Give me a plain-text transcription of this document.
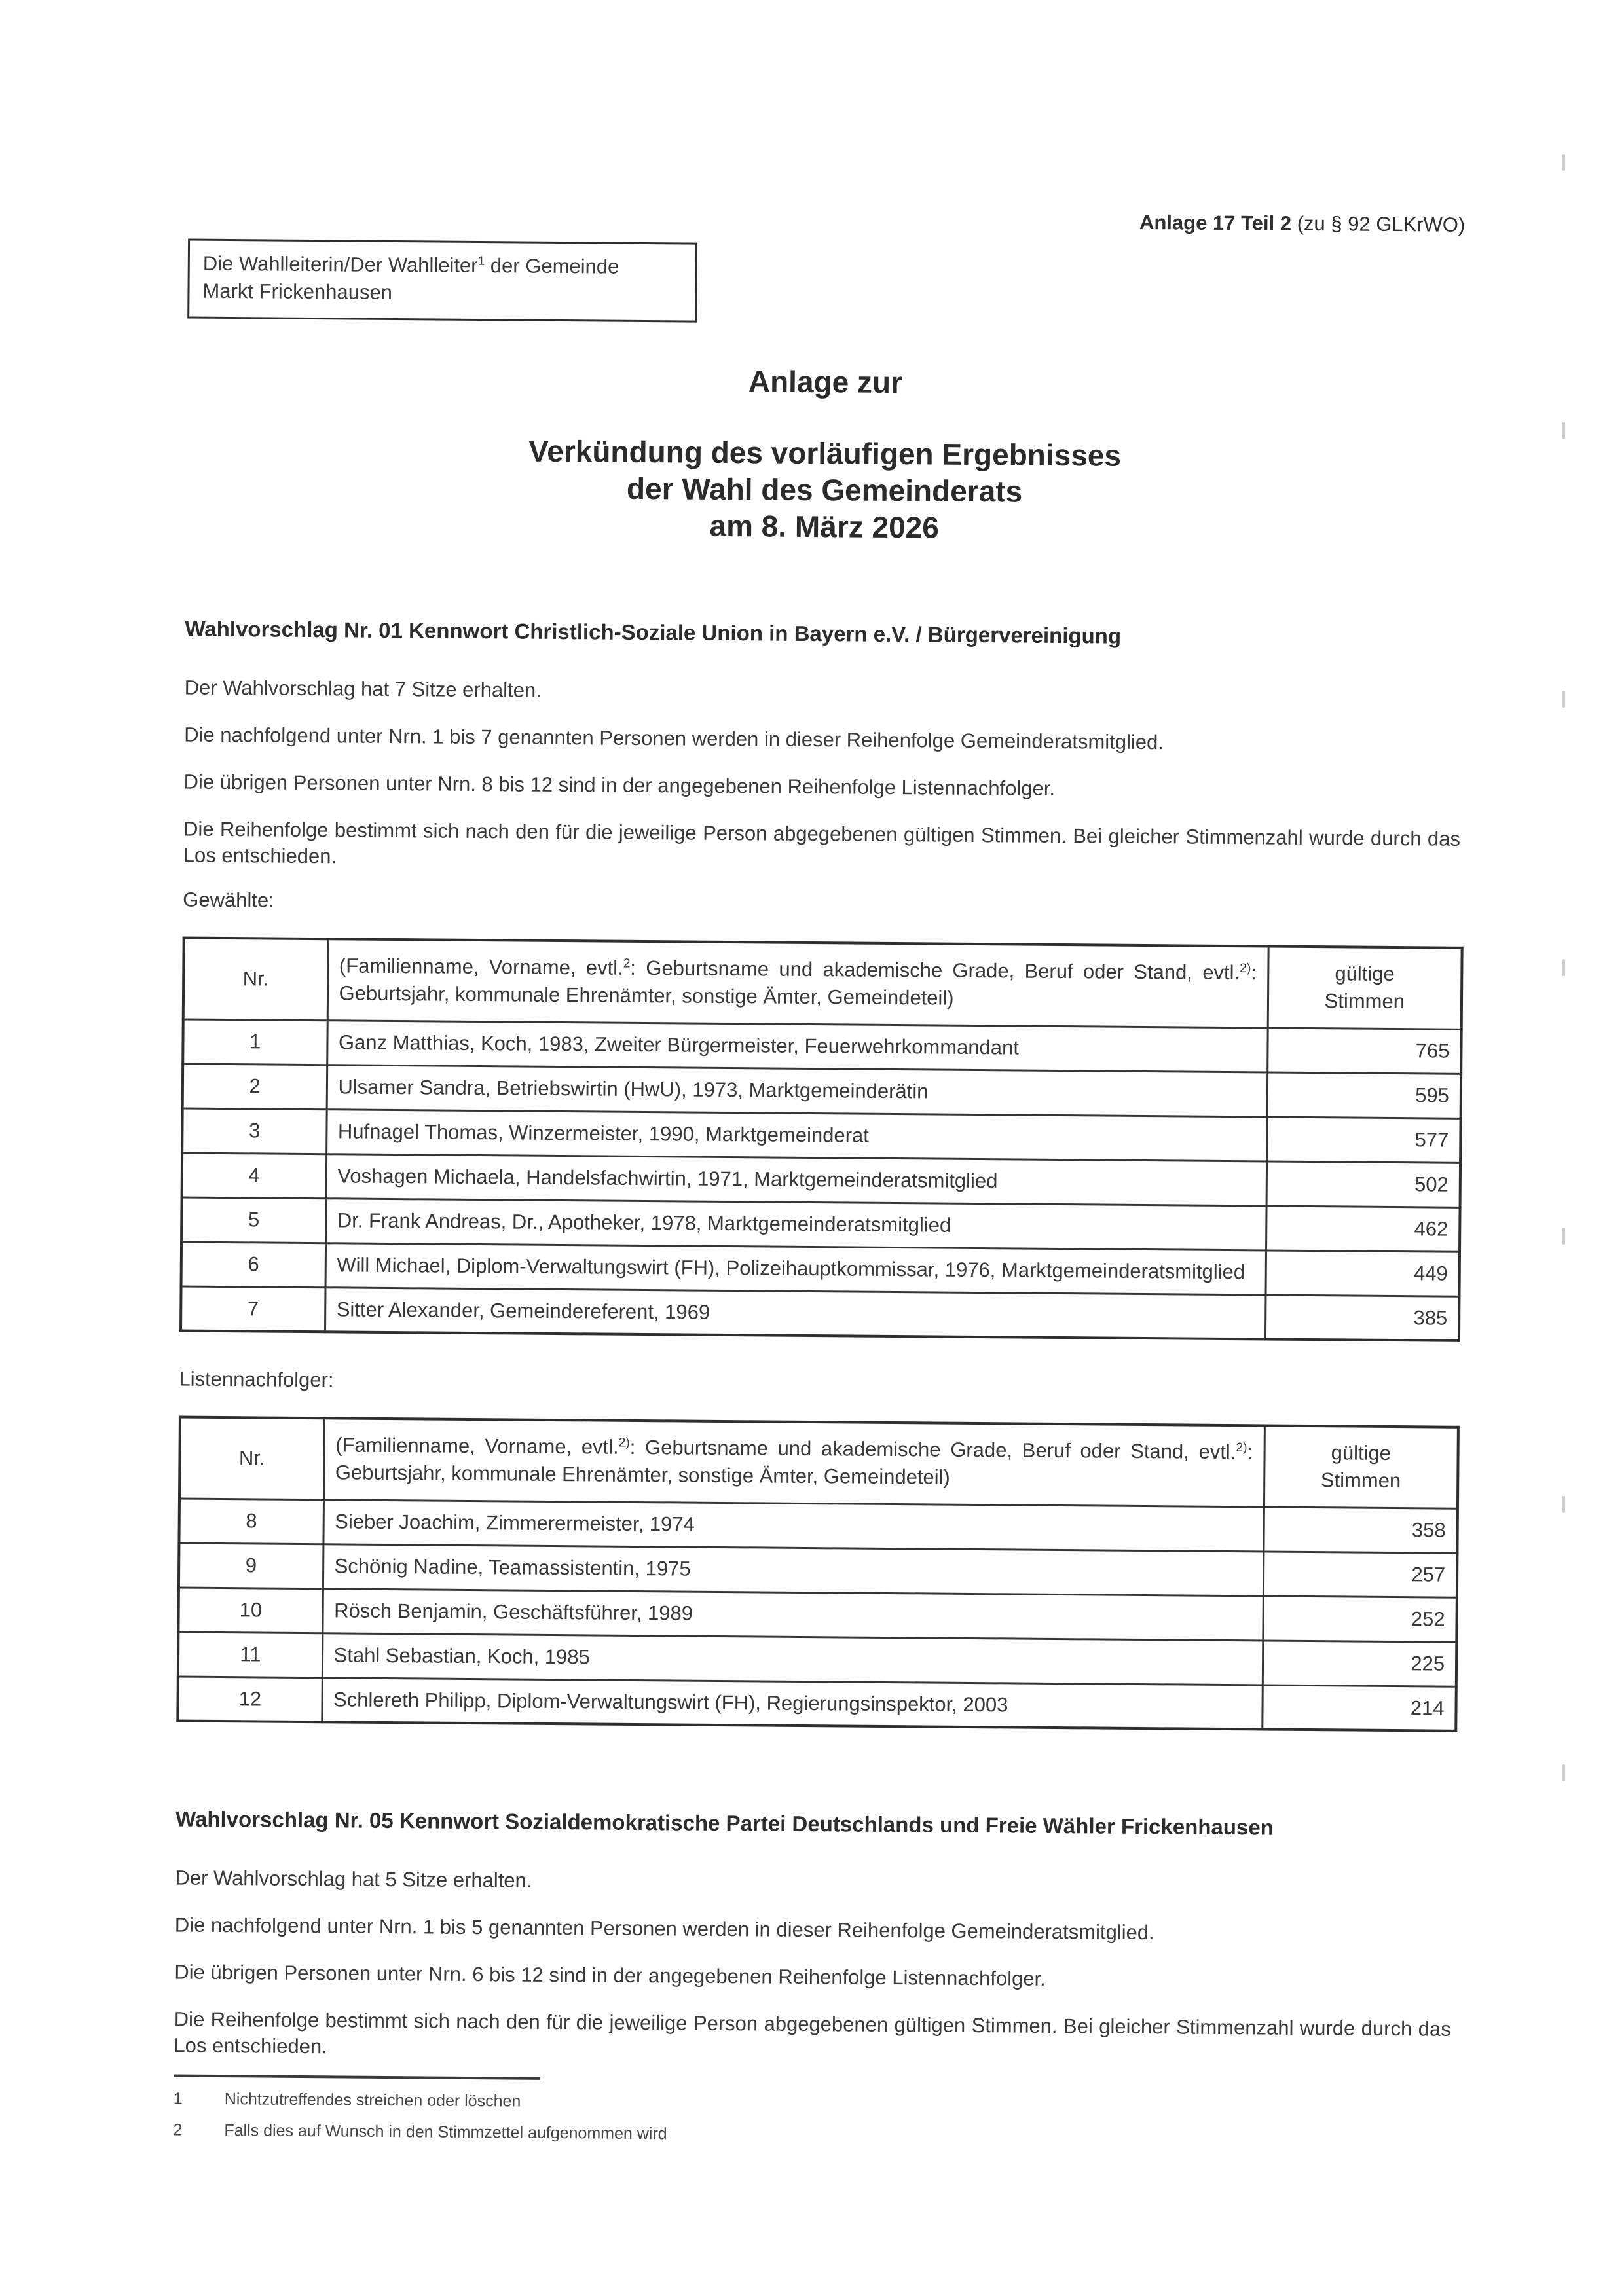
Anlage 17 Teil 2 (zu § 92 GLKrWO)
Die Wahlleiterin/Der Wahlleiter$^1$ der Gemeinde
Markt Frickenhausen
Anlage zur
Verkündung des vorläufigen Ergebnisses
der Wahl des Gemeinderats
am 8. März 2026
Wahlvorschlag Nr. 01 Kennwort Christlich-Soziale Union in Bayern e.V. / Bürgervereinigung

Der Wahlvorschlag hat 7 Sitze erhalten.

Die nachfolgend unter Nrn. 1 bis 7 genannten Personen werden in dieser Reihenfolge Gemeinderatsmitglied.

Die übrigen Personen unter Nrn. 8 bis 12 sind in der angegebenen Reihenfolge Listennachfolger.

Die Reihenfolge bestimmt sich nach den für die jeweilige Person abgegebenen gültigen Stimmen. Bei gleicher Stimmenzahl wurde durch das Los entschieden.

Gewählte:
Nr.	(Familienname, Vorname, evtl.$^2$: Geburtsname und akademische Grade, Beruf oder Stand, evtl.$^{2)}$: Geburtsjahr, kommunale Ehrenämter, sonstige Ämter, Gemeindeteil)	gültige
Stimmen

1	Ganz Matthias, Koch, 1983, Zweiter Bürgermeister, Feuerwehrkommandant	765
2	Ulsamer Sandra, Betriebswirtin (HwU), 1973, Marktgemeinderätin	595
3	Hufnagel Thomas, Winzermeister, 1990, Marktgemeinderat	577
4	Voshagen Michaela, Handelsfachwirtin, 1971, Marktgemeinderatsmitglied	502
5	Dr. Frank Andreas, Dr., Apotheker, 1978, Marktgemeinderatsmitglied	462
6	Will Michael, Diplom-Verwaltungswirt (FH), Polizeihauptkommissar, 1976, Marktgemeinderatsmitglied	449
7	Sitter Alexander, Gemeindereferent, 1969	385
Listennachfolger:
Nr.	(Familienname, Vorname, evtl.$^{2)}$: Geburtsname und akademische Grade, Beruf oder Stand, evtl.$^{2)}$: Geburtsjahr, kommunale Ehrenämter, sonstige Ämter, Gemeindeteil)	gültige
Stimmen

8	Sieber Joachim, Zimmerermeister, 1974	358
9	Schönig Nadine, Teamassistentin, 1975	257
10	Rösch Benjamin, Geschäftsführer, 1989	252
11	Stahl Sebastian, Koch, 1985	225
12	Schlereth Philipp, Diplom-Verwaltungswirt (FH), Regierungsinspektor, 2003	214
Wahlvorschlag Nr. 05 Kennwort Sozialdemokratische Partei Deutschlands und Freie Wähler Frickenhausen

Der Wahlvorschlag hat 5 Sitze erhalten.

Die nachfolgend unter Nrn. 1 bis 5 genannten Personen werden in dieser Reihenfolge Gemeinderatsmitglied.

Die übrigen Personen unter Nrn. 6 bis 12 sind in der angegebenen Reihenfolge Listennachfolger.

Die Reihenfolge bestimmt sich nach den für die jeweilige Person abgegebenen gültigen Stimmen. Bei gleicher Stimmenzahl wurde durch das Los entschieden.

1	Nichtzutreffendes streichen oder löschen
2	Falls dies auf Wunsch in den Stimmzettel aufgenommen wird
